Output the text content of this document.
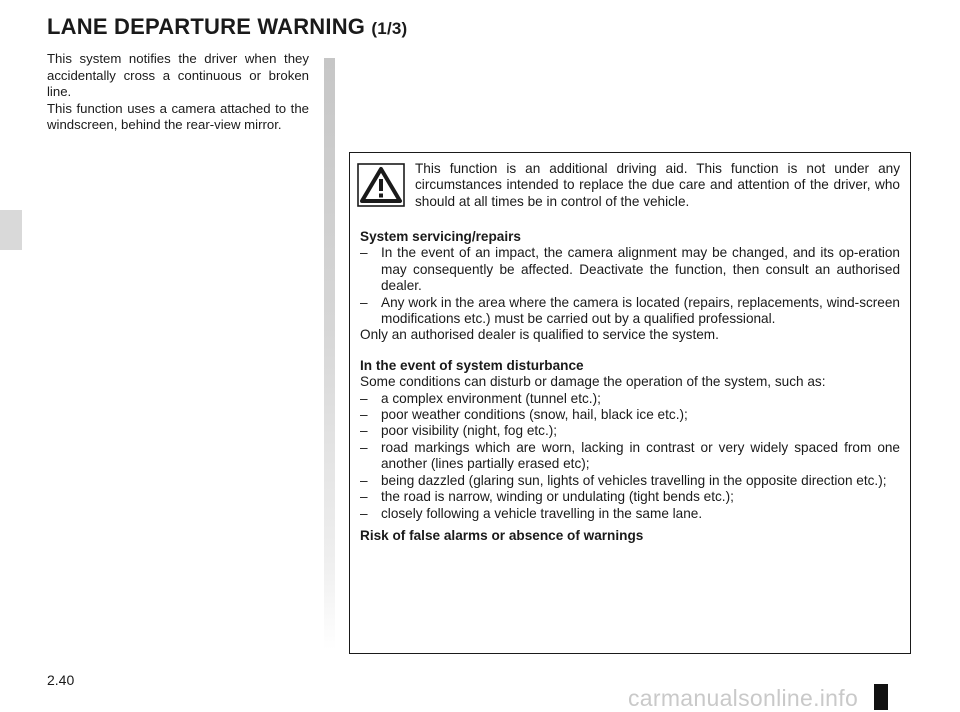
LANE DEPARTURE WARNING (1/3)

This system notifies the driver when they accidentally cross a continuous or broken line.

This function uses a camera attached to the windscreen, behind the rear-view mirror.

This function is an additional driving aid. This function is not under any circumstances intended to replace the due care and attention of the driver, who should at all times be in control of the vehicle.

System servicing/repairs

– In the event of an impact, the camera alignment may be changed, and its op-eration may consequently be affected. Deactivate the function, then consult an authorised dealer.
– Any work in the area where the camera is located (repairs, replacements, wind-screen modifications etc.) must be carried out by a qualified professional.

Only an authorised dealer is qualified to service the system.

In the event of system disturbance

Some conditions can disturb or damage the operation of the system, such as:

– a complex environment (tunnel etc.);
– poor weather conditions (snow, hail, black ice etc.);
– poor visibility (night, fog etc.);
– road markings which are worn, lacking in contrast or very widely spaced from one another (lines partially erased etc);
– being dazzled (glaring sun, lights of vehicles travelling in the opposite direction etc.);
– the road is narrow, winding or undulating (tight bends etc.);
– closely following a vehicle travelling in the same lane.

Risk of false alarms or absence of warnings

2.40

carmanualsonline.info
